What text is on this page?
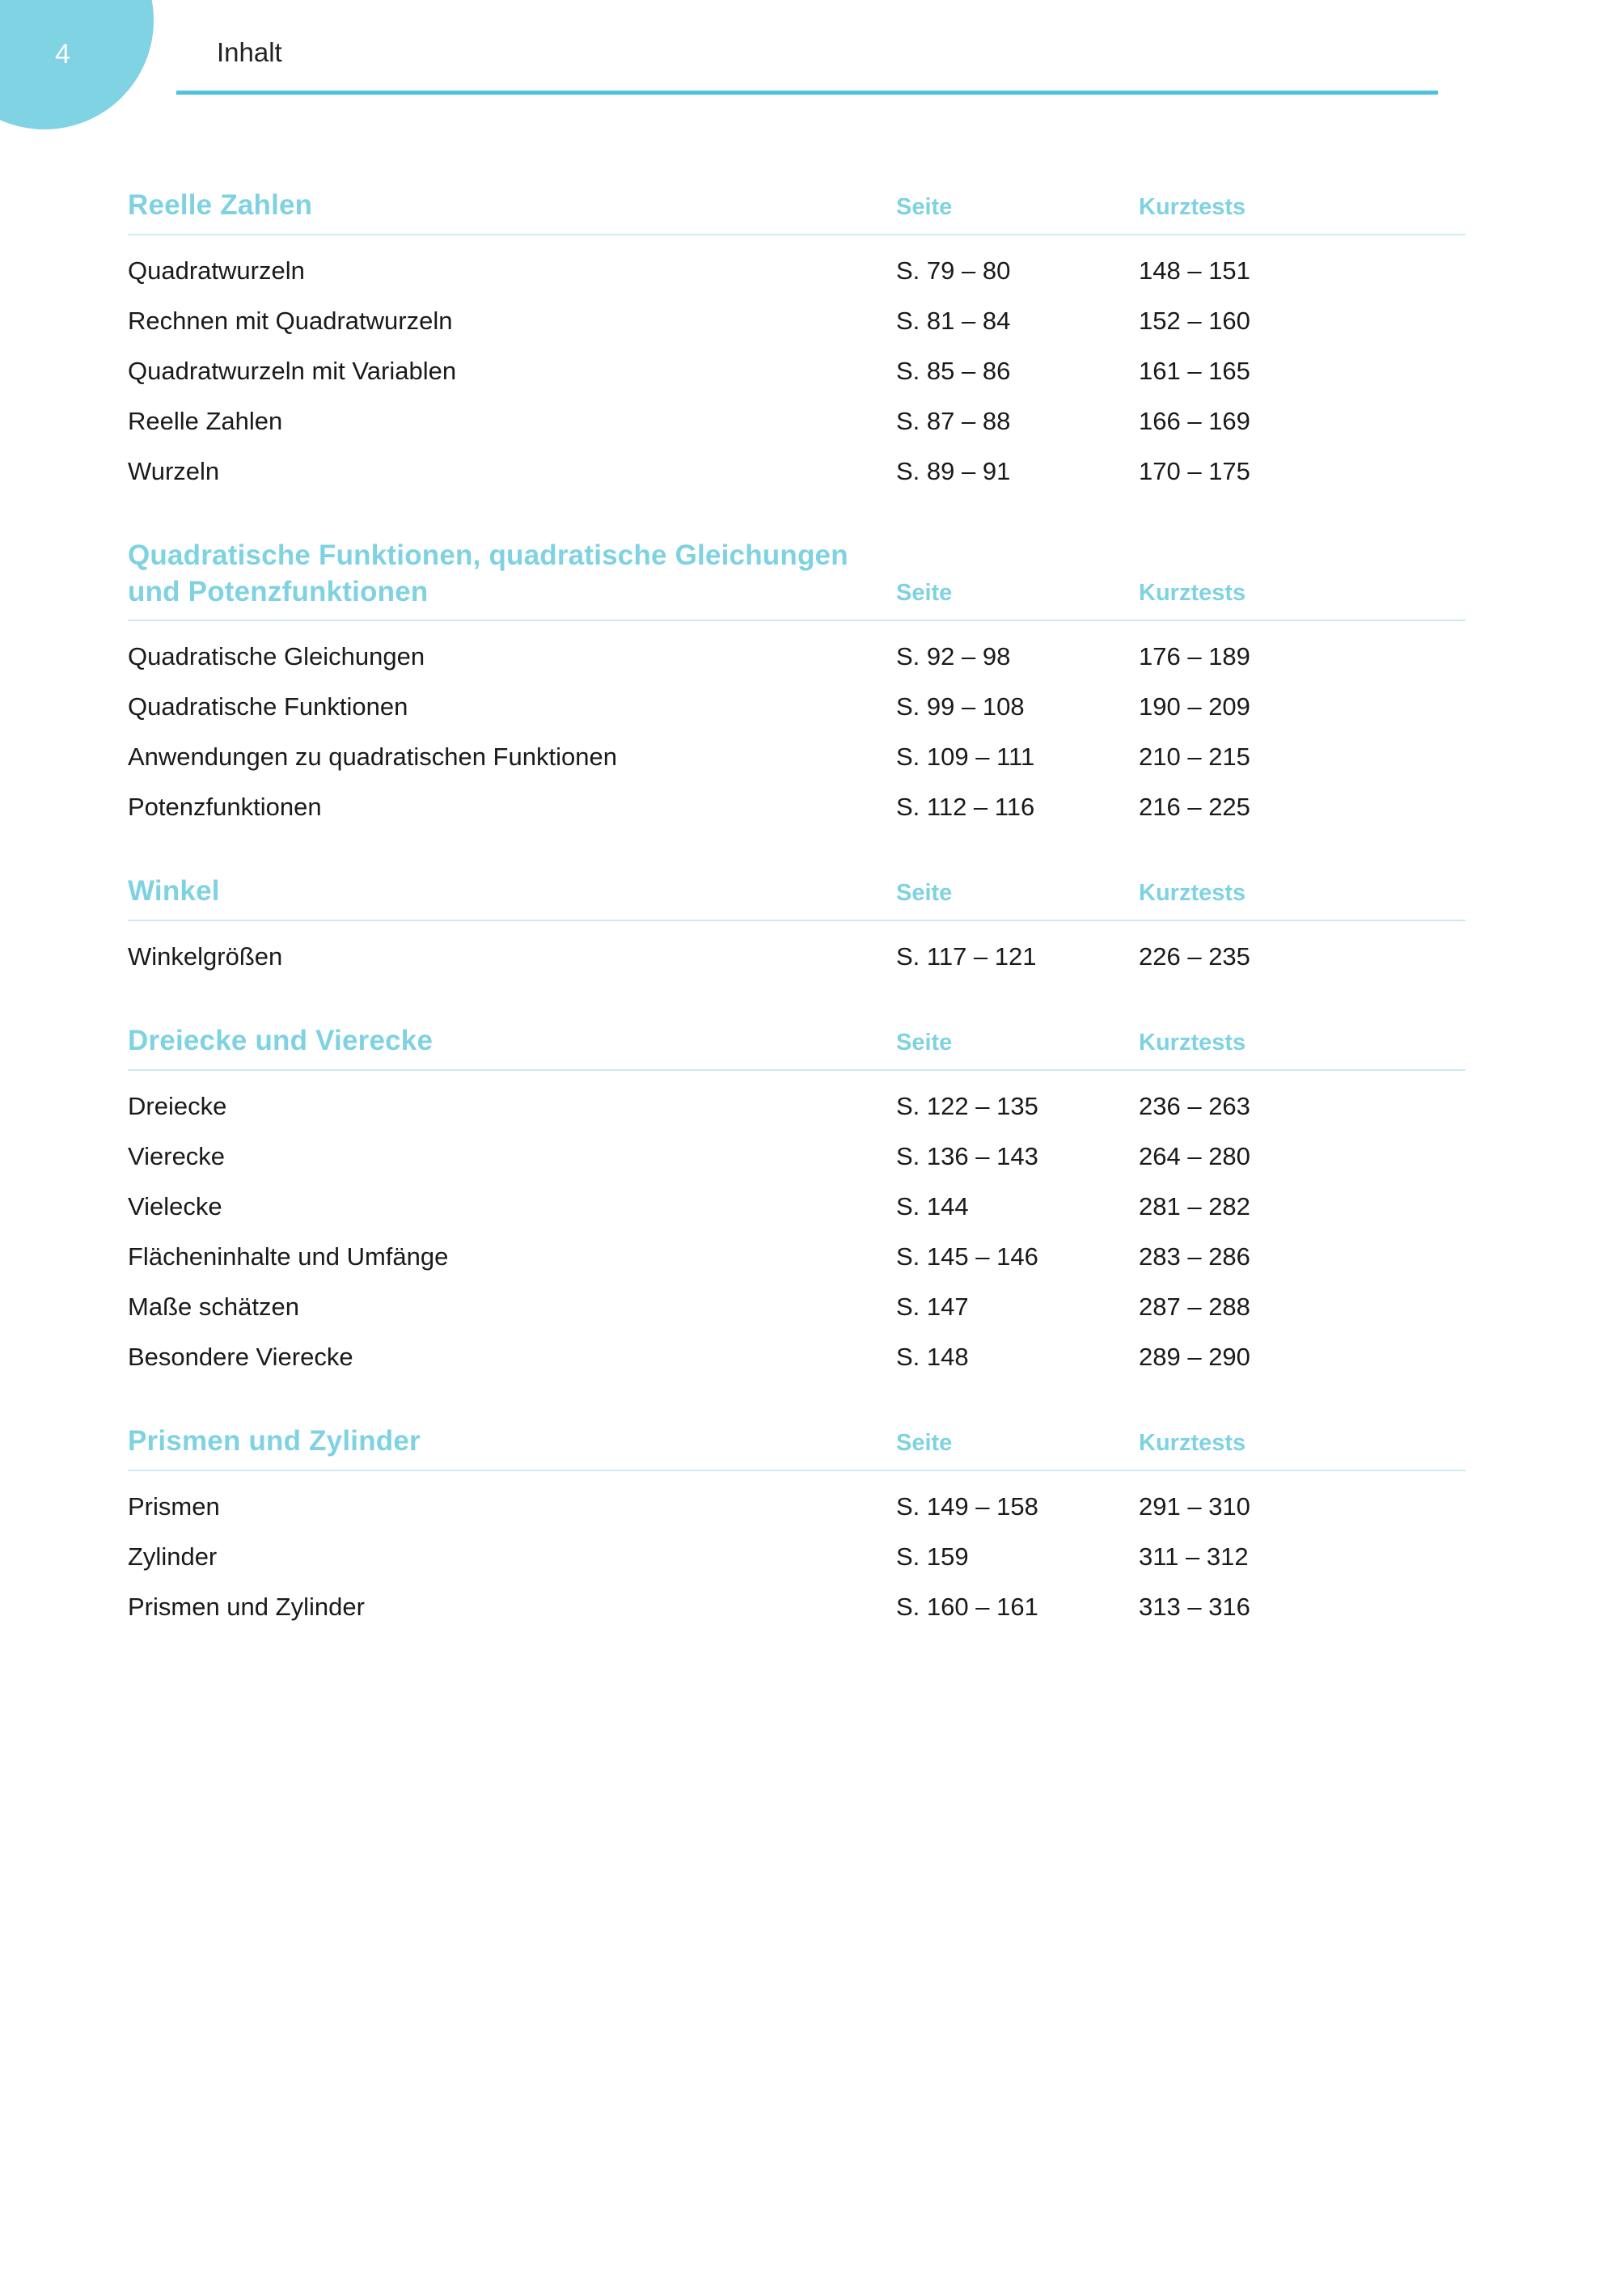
4	Inhalt
Reelle Zahlen	Seite	Kurztests
Quadratwurzeln	S. 79 – 80	148 – 151
Rechnen mit Quadratwurzeln	S. 81 – 84	152 – 160
Quadratwurzeln mit Variablen	S. 85 – 86	161 – 165
Reelle Zahlen	S. 87 – 88	166 – 169
Wurzeln	S. 89 – 91	170 – 175
Quadratische Funktionen, quadratische Gleichungen und Potenzfunktionen	Seite	Kurztests
Quadratische Gleichungen	S. 92 – 98	176 – 189
Quadratische Funktionen	S. 99 – 108	190 – 209
Anwendungen zu quadratischen Funktionen	S. 109 – 111	210 – 215
Potenzfunktionen	S. 112 – 116	216 – 225
Winkel	Seite	Kurztests
Winkelgrößen	S. 117 – 121	226 – 235
Dreiecke und Vierecke	Seite	Kurztests
Dreiecke	S. 122 – 135	236 – 263
Vierecke	S. 136 – 143	264 – 280
Vielecke	S. 144	281 – 282
Flächeninhalte und Umfänge	S. 145 – 146	283 – 286
Maße schätzen	S. 147	287 – 288
Besondere Vierecke	S. 148	289 – 290
Prismen und Zylinder	Seite	Kurztests
Prismen	S. 149 – 158	291 – 310
Zylinder	S. 159	311 – 312
Prismen und Zylinder	S. 160 – 161	313 – 316
